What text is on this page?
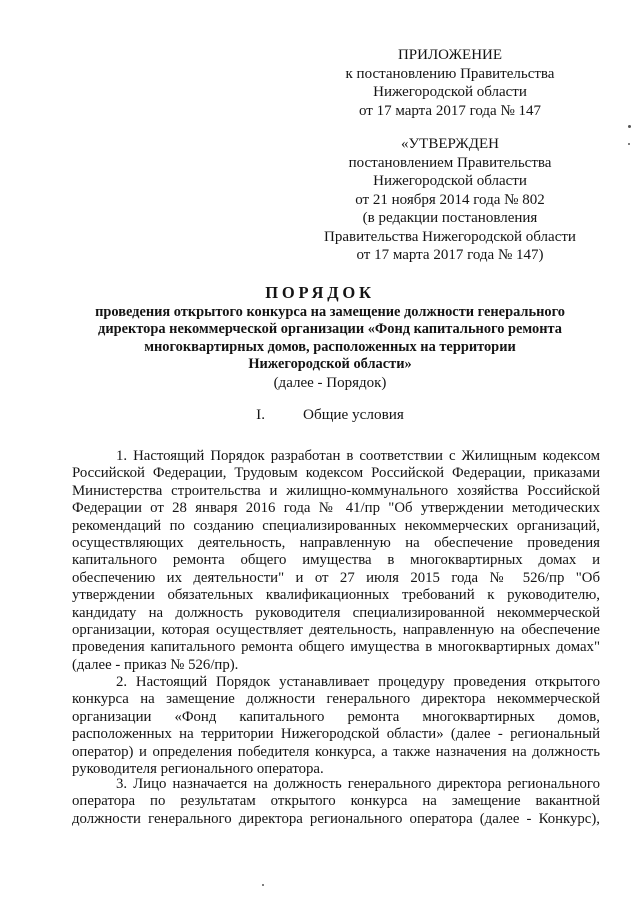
ПРИЛОЖЕНИЕ
к постановлению Правительства
Нижегородской области
от 17 марта 2017 года № 147
«УТВЕРЖДЕН
постановлением Правительства
Нижегородской области
от 21 ноября 2014 года № 802
(в редакции постановления
Правительства Нижегородской области
от 17 марта 2017 года № 147)
ПОРЯДОК
проведения открытого конкурса на замещение должности генерального
директора некоммерческой организации «Фонд капитального ремонта
многоквартирных домов, расположенных на территории
Нижегородской области»
(далее - Порядок)
I.	Общие условия
1. Настоящий Порядок разработан в соответствии с Жилищным кодексом
Российской Федерации, Трудовым кодексом Российской Федерации, приказами
Министерства строительства и жилищно-коммунального хозяйства Российской
Федерации от 28 января 2016 года № 41/пр "Об утверждении методических
рекомендаций по созданию специализированных некоммерческих организаций,
осуществляющих деятельность, направленную на обеспечение проведения
капитального ремонта общего имущества в многоквартирных домах и
обеспечению их деятельности" и от 27 июля 2015 года № 526/пр "Об
утверждении обязательных квалификационных требований к руководителю,
кандидату на должность руководителя специализированной некоммерческой
организации, которая осуществляет деятельность, направленную на обеспечение
проведения капитального ремонта общего имущества в многоквартирных домах"
(далее - приказ № 526/пр).
2. Настоящий Порядок устанавливает процедуру проведения открытого
конкурса на замещение должности генерального директора некоммерческой
организации «Фонд капитального ремонта многоквартирных домов,
расположенных на территории Нижегородской области» (далее - региональный
оператор) и определения победителя конкурса, а также назначения на должность
руководителя регионального оператора.
3. Лицо назначается на должность генерального директора регионального
оператора по результатам открытого конкурса на замещение вакантной
должности генерального директора регионального оператора (далее - Конкурс),
